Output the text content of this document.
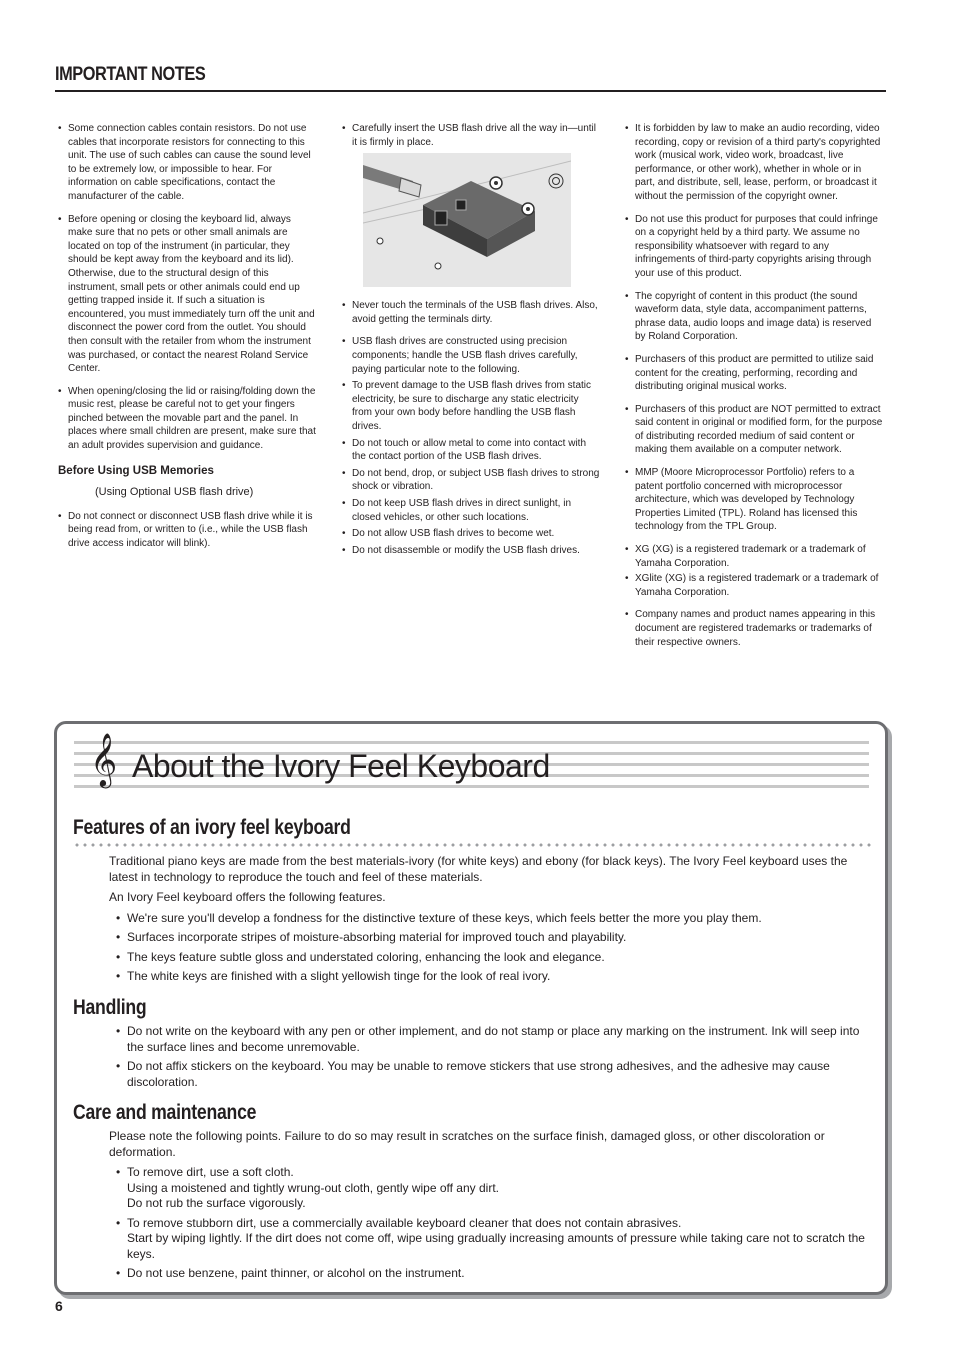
IMPORTANT NOTES
• Some connection cables contain resistors. Do not use cables that incorporate resistors for connecting to this unit. The use of such cables can cause the sound level to be extremely low, or impossible to hear. For information on cable specifications, contact the manufacturer of the cable.
• Before opening or closing the keyboard lid, always make sure that no pets or other small animals are located on top of the instrument (in particular, they should be kept away from the keyboard and its lid). Otherwise, due to the structural design of this instrument, small pets or other animals could end up getting trapped inside it. If such a situation is encountered, you must immediately turn off the unit and disconnect the power cord from the outlet. You should then consult with the retailer from whom the instrument was purchased, or contact the nearest Roland Service Center.
• When opening/closing the lid or raising/folding down the music rest, please be careful not to get your fingers pinched between the movable part and the panel. In places where small children are present, make sure that an adult provides supervision and guidance.
Before Using USB Memories
(Using Optional USB flash drive)
• Do not connect or disconnect USB flash drive while it is being read from, or written to (i.e., while the USB flash drive access indicator will blink).
• Carefully insert the USB flash drive all the way in—until it is firmly in place.
• Never touch the terminals of the USB flash drives. Also, avoid getting the terminals dirty.
• USB flash drives are constructed using precision components; handle the USB flash drives carefully, paying particular note to the following.
• To prevent damage to the USB flash drives from static electricity, be sure to discharge any static electricity from your own body before handling the USB flash drives.
• Do not touch or allow metal to come into contact with the contact portion of the USB flash drives.
• Do not bend, drop, or subject USB flash drives to strong shock or vibration.
• Do not keep USB flash drives in direct sunlight, in closed vehicles, or other such locations.
• Do not allow USB flash drives to become wet.
• Do not disassemble or modify the USB flash drives.
• It is forbidden by law to make an audio recording, video recording, copy or revision of a third party's copyrighted work (musical work, video work, broadcast, live performance, or other work), whether in whole or in part, and distribute, sell, lease, perform, or broadcast it without the permission of the copyright owner.
• Do not use this product for purposes that could infringe on a copyright held by a third party. We assume no responsibility whatsoever with regard to any infringements of third-party copyrights arising through your use of this product.
• The copyright of content in this product (the sound waveform data, style data, accompaniment patterns, phrase data, audio loops and image data) is reserved by Roland Corporation.
• Purchasers of this product are permitted to utilize said content for the creating, performing, recording and distributing original musical works.
• Purchasers of this product are NOT permitted to extract said content in original or modified form, for the purpose of distributing recorded medium of said content or making them available on a computer network.
• MMP (Moore Microprocessor Portfolio) refers to a patent portfolio concerned with microprocessor architecture, which was developed by Technology Properties Limited (TPL). Roland has licensed this technology from the TPL Group.
• XG (XG) is a registered trademark or a trademark of Yamaha Corporation.
• XGlite (XG) is a registered trademark or a trademark of Yamaha Corporation.
• Company names and product names appearing in this document are registered trademarks or trademarks of their respective owners.
𝄞 About the Ivory Feel Keyboard
Features of an ivory feel keyboard

Traditional piano keys are made from the best materials-ivory (for white keys) and ebony (for black keys). The Ivory Feel keyboard uses the latest in technology to reproduce the touch and feel of these materials.

An Ivory Feel keyboard offers the following features.

• We're sure you'll develop a fondness for the distinctive texture of these keys, which feels better the more you play them.
• Surfaces incorporate stripes of moisture-absorbing material for improved touch and playability.
• The keys feature subtle gloss and understated coloring, enhancing the look and elegance.
• The white keys are finished with a slight yellowish tinge for the look of real ivory.
Handling
• Do not write on the keyboard with any pen or other implement, and do not stamp or place any marking on the instrument. Ink will seep into the surface lines and become unremovable.
• Do not affix stickers on the keyboard. You may be unable to remove stickers that use strong adhesives, and the adhesive may cause discoloration.
Care and maintenance

Please note the following points. Failure to do so may result in scratches on the surface finish, damaged gloss, or other discoloration or deformation.

• To remove dirt, use a soft cloth.
Using a moistened and tightly wrung-out cloth, gently wipe off any dirt.
Do not rub the surface vigorously.
• To remove stubborn dirt, use a commercially available keyboard cleaner that does not contain abrasives.
Start by wiping lightly. If the dirt does not come off, wipe using gradually increasing amounts of pressure while taking care not to scratch the keys.
• Do not use benzene, paint thinner, or alcohol on the instrument.
6
